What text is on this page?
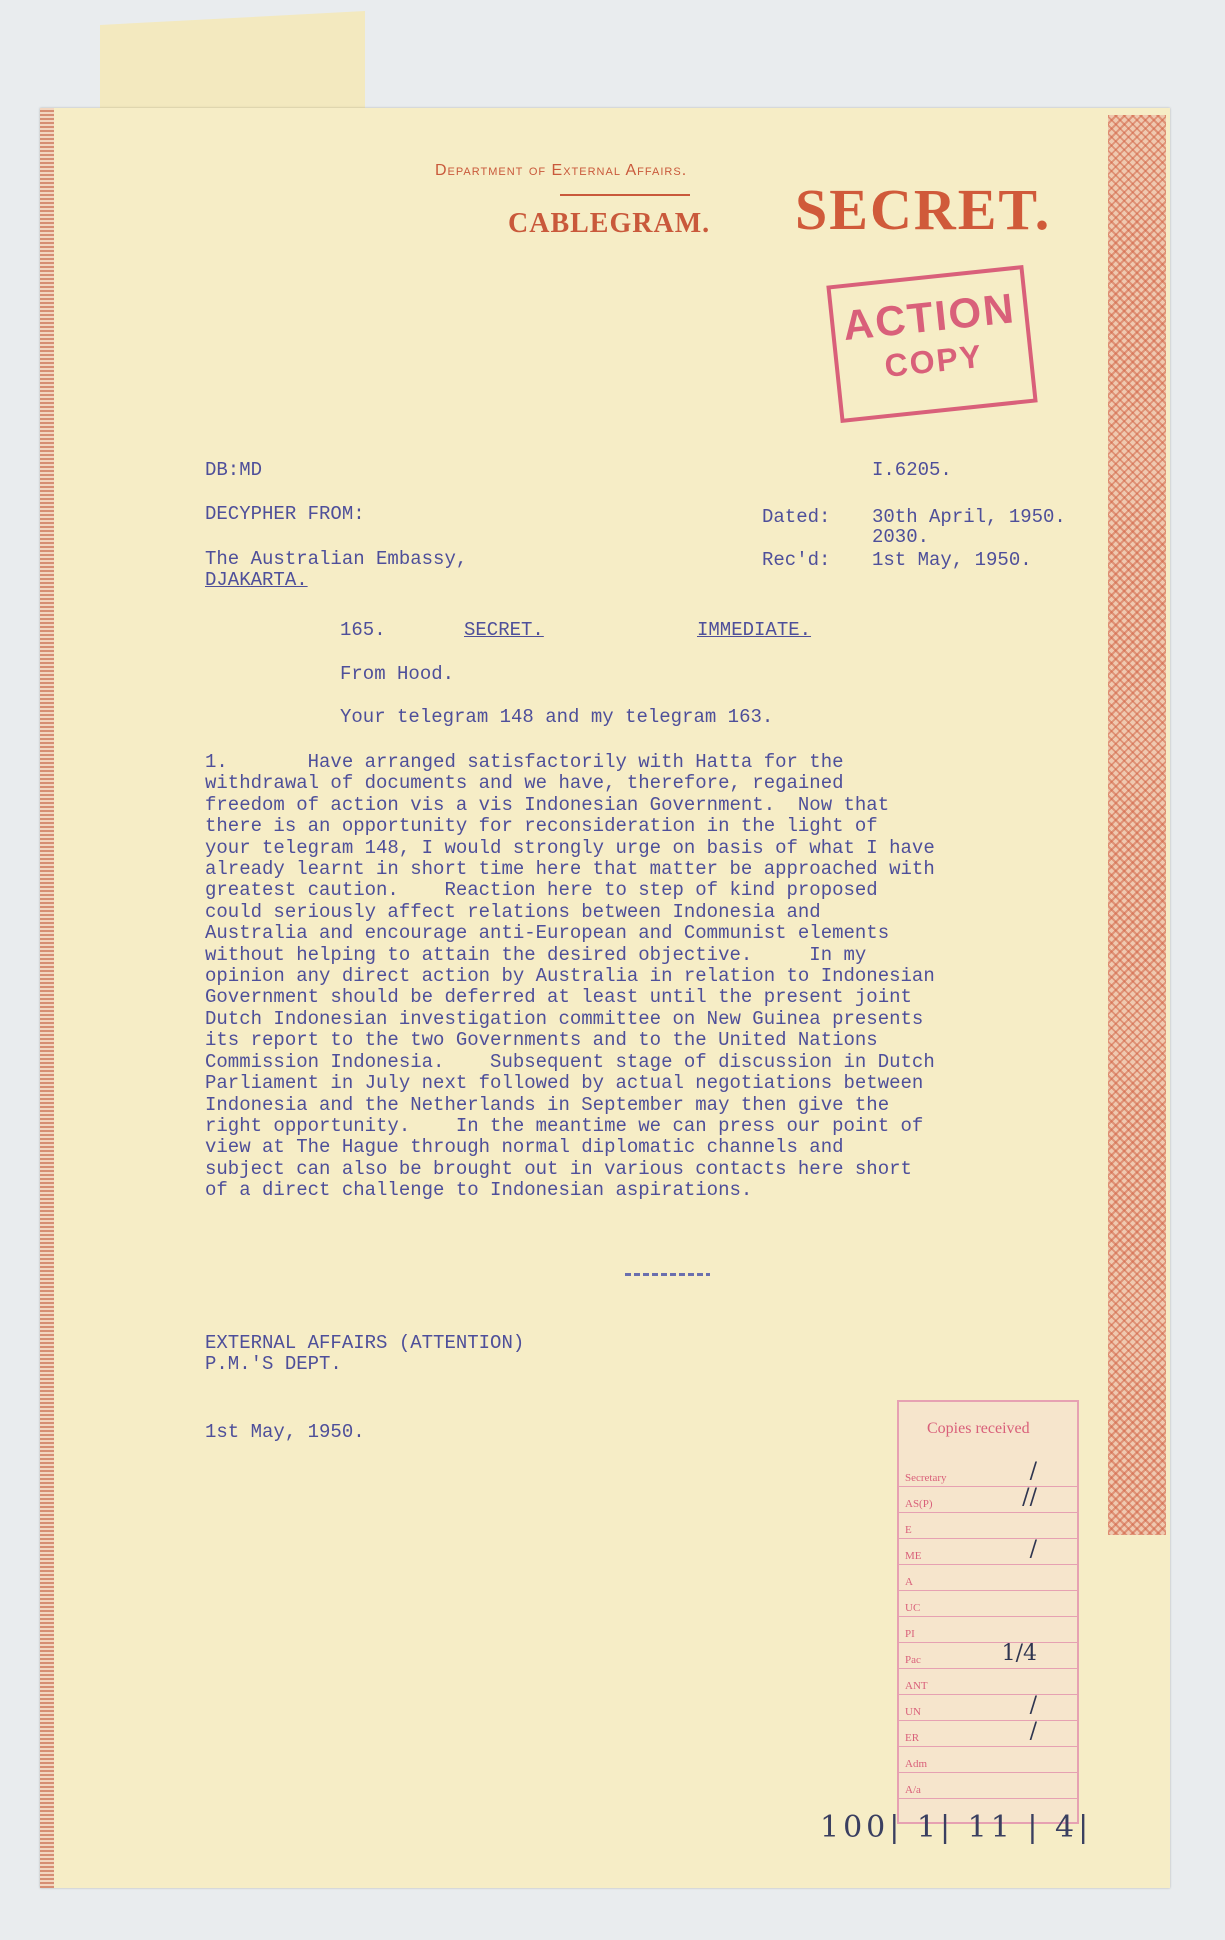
Department of External Affairs.
CABLEGRAM. SECRET.
ACTION
COPY
DB:MD	I.6205.
DECYPHER FROM:
The Australian Embassy,
DJAKARTA.
Dated: 30th April, 1950.
2030.
Rec'd: 1st May, 1950.
165.	SECRET.	IMMEDIATE.
From Hood.
Your telegram 148 and my telegram 163.
1.       Have arranged satisfactorily with Hatta for the
withdrawal of documents and we have, therefore, regained
freedom of action vis a vis Indonesian Government.  Now that
there is an opportunity for reconsideration in the light of
your telegram 148, I would strongly urge on basis of what I have
already learnt in short time here that matter be approached with
greatest caution.    Reaction here to step of kind proposed
could seriously affect relations between Indonesia and
Australia and encourage anti-European and Communist elements
without helping to attain the desired objective.     In my
opinion any direct action by Australia in relation to Indonesian
Government should be deferred at least until the present joint
Dutch Indonesian investigation committee on New Guinea presents
its report to the two Governments and to the United Nations
Commission Indonesia.    Subsequent stage of discussion in Dutch
Parliament in July next followed by actual negotiations between
Indonesia and the Netherlands in September may then give the
right opportunity.    In the meantime we can press our point of
view at The Hague through normal diplomatic channels and
subject can also be brought out in various contacts here short
of a direct challenge to Indonesian aspirations.
EXTERNAL AFFAIRS (ATTENTION)
P.M.'S DEPT.
1st May, 1950.	Copies received
Secretary	/
AS(P)	//
E
ME	/
A
UC
PI
Pac	1/4
ANT
UN	/
ER	/
Adm
A/a
100| 1| 11 | 4|
